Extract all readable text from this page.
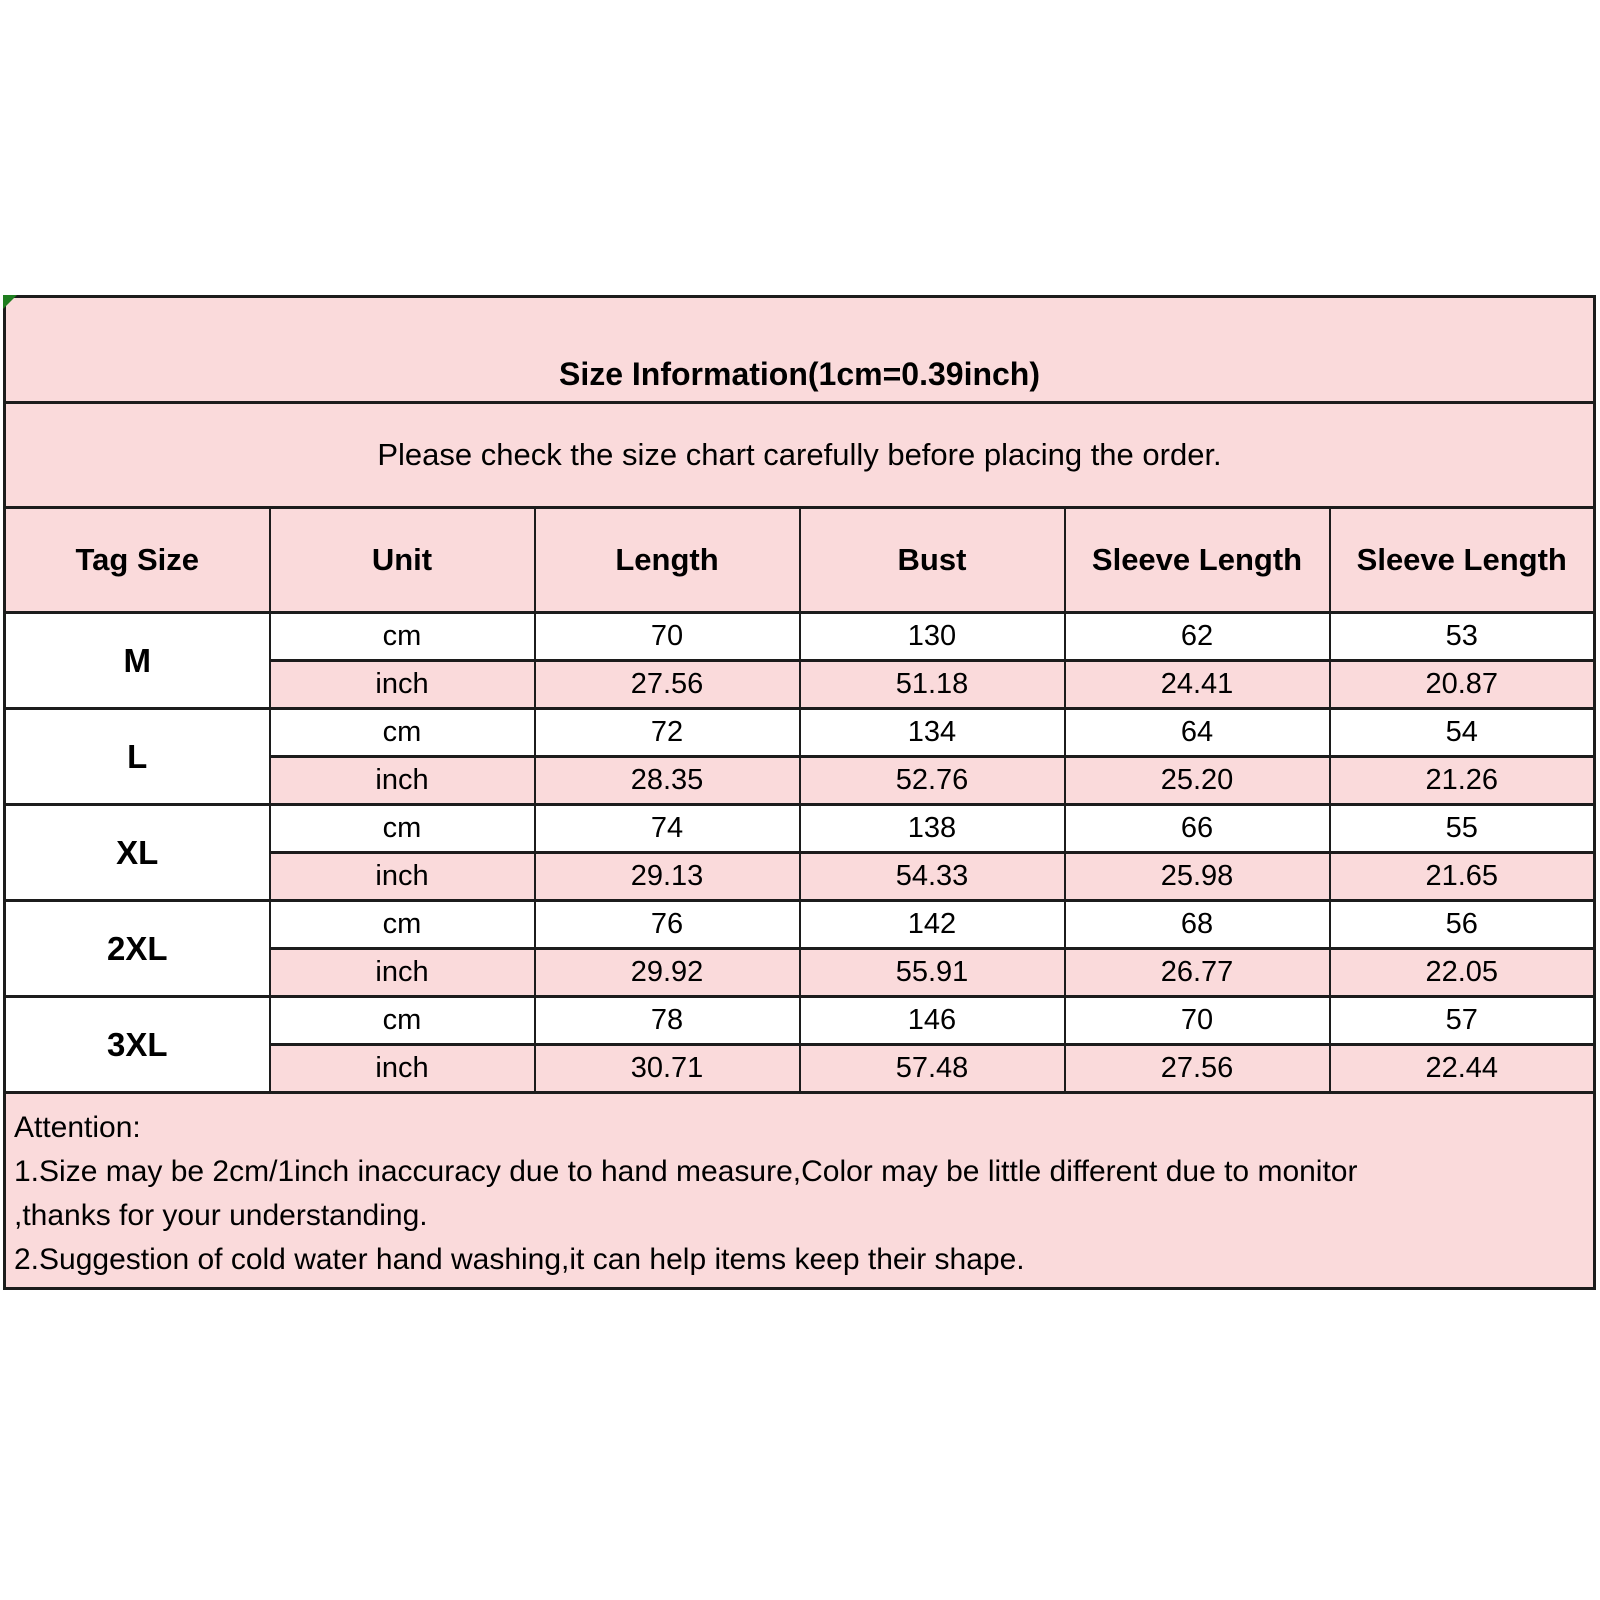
Size Information(1cm=0.39inch)					
Please check the size chart carefully before placing the order.					
Tag Size	Unit	Length	Bust	Sleeve Length	Sleeve Length
M	cm	70	130	62	53
	inch	27.56	51.18	24.41	20.87
L	cm	72	134	64	54
	inch	28.35	52.76	25.20	21.26
XL	cm	74	138	66	55
	inch	29.13	54.33	25.98	21.65
2XL	cm	76	142	68	56
	inch	29.92	55.91	26.77	22.05
3XL	cm	78	146	70	57
	inch	30.71	57.48	27.56	22.44

Attention:
1.Size may be 2cm/1inch inaccuracy due to hand measure,Color may be little different due to monitor
,thanks for your understanding.
2.Suggestion of cold water hand washing,it can help items keep their shape.					
